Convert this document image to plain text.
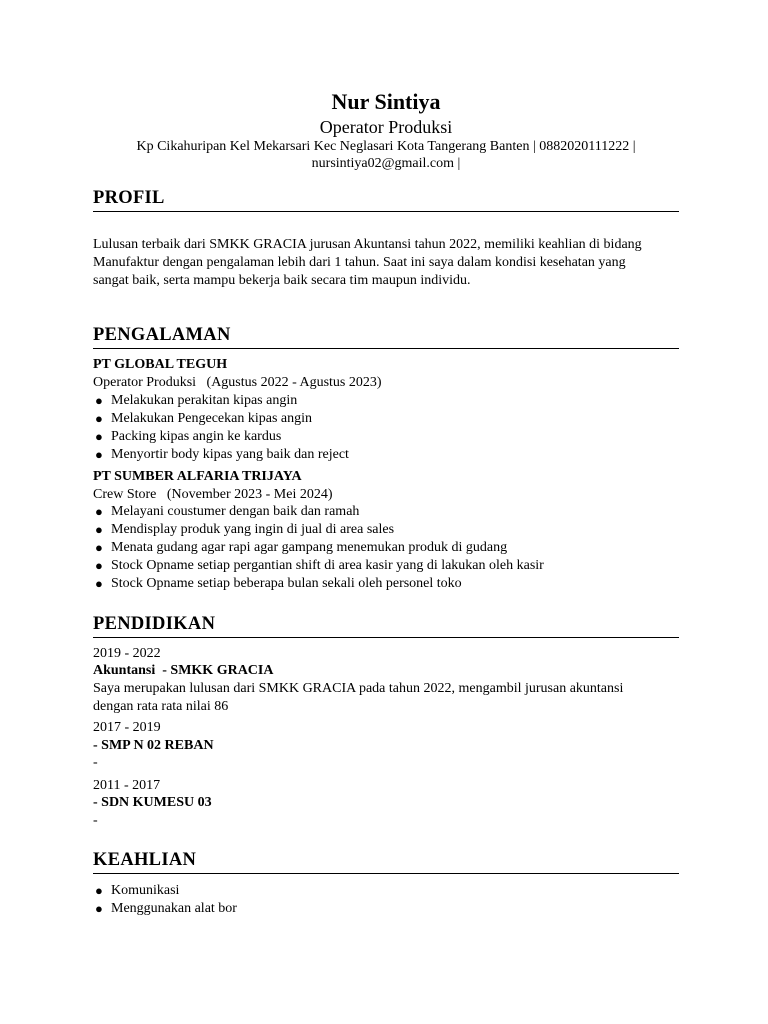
Nur Sintiya
Operator Produksi
Kp Cikahuripan Kel Mekarsari Kec Neglasari Kota Tangerang Banten | 0882020111222 |
nursintiya02@gmail.com |
PROFIL
Lulusan terbaik dari SMKK GRACIA jurusan Akuntansi tahun 2022, memiliki keahlian di bidang Manufaktur dengan pengalaman lebih dari 1 tahun. Saat ini saya dalam kondisi kesehatan yang sangat baik, serta mampu bekerja baik secara tim maupun individu.
PENGALAMAN
PT GLOBAL TEGUH
Operator Produksi   (Agustus 2022 - Agustus 2023)
● Melakukan perakitan kipas angin
● Melakukan Pengecekan kipas angin
● Packing kipas angin ke kardus
● Menyortir body kipas yang baik dan reject
PT SUMBER ALFARIA TRIJAYA
Crew Store   (November 2023 - Mei 2024)
● Melayani coustumer dengan baik dan ramah
● Mendisplay produk yang ingin di jual di area sales
● Menata gudang agar rapi agar gampang menemukan produk di gudang
● Stock Opname setiap pergantian shift di area kasir yang di lakukan oleh kasir
● Stock Opname setiap beberapa bulan sekali oleh personel toko
PENDIDIKAN
2019 - 2022
Akuntansi  - SMKK GRACIA
Saya merupakan lulusan dari SMKK GRACIA pada tahun 2022, mengambil jurusan akuntansi dengan rata rata nilai 86
2017 - 2019
- SMP N 02 REBAN
-
2011 - 2017
- SDN KUMESU 03
-
KEAHLIAN
● Komunikasi
● Menggunakan alat bor
